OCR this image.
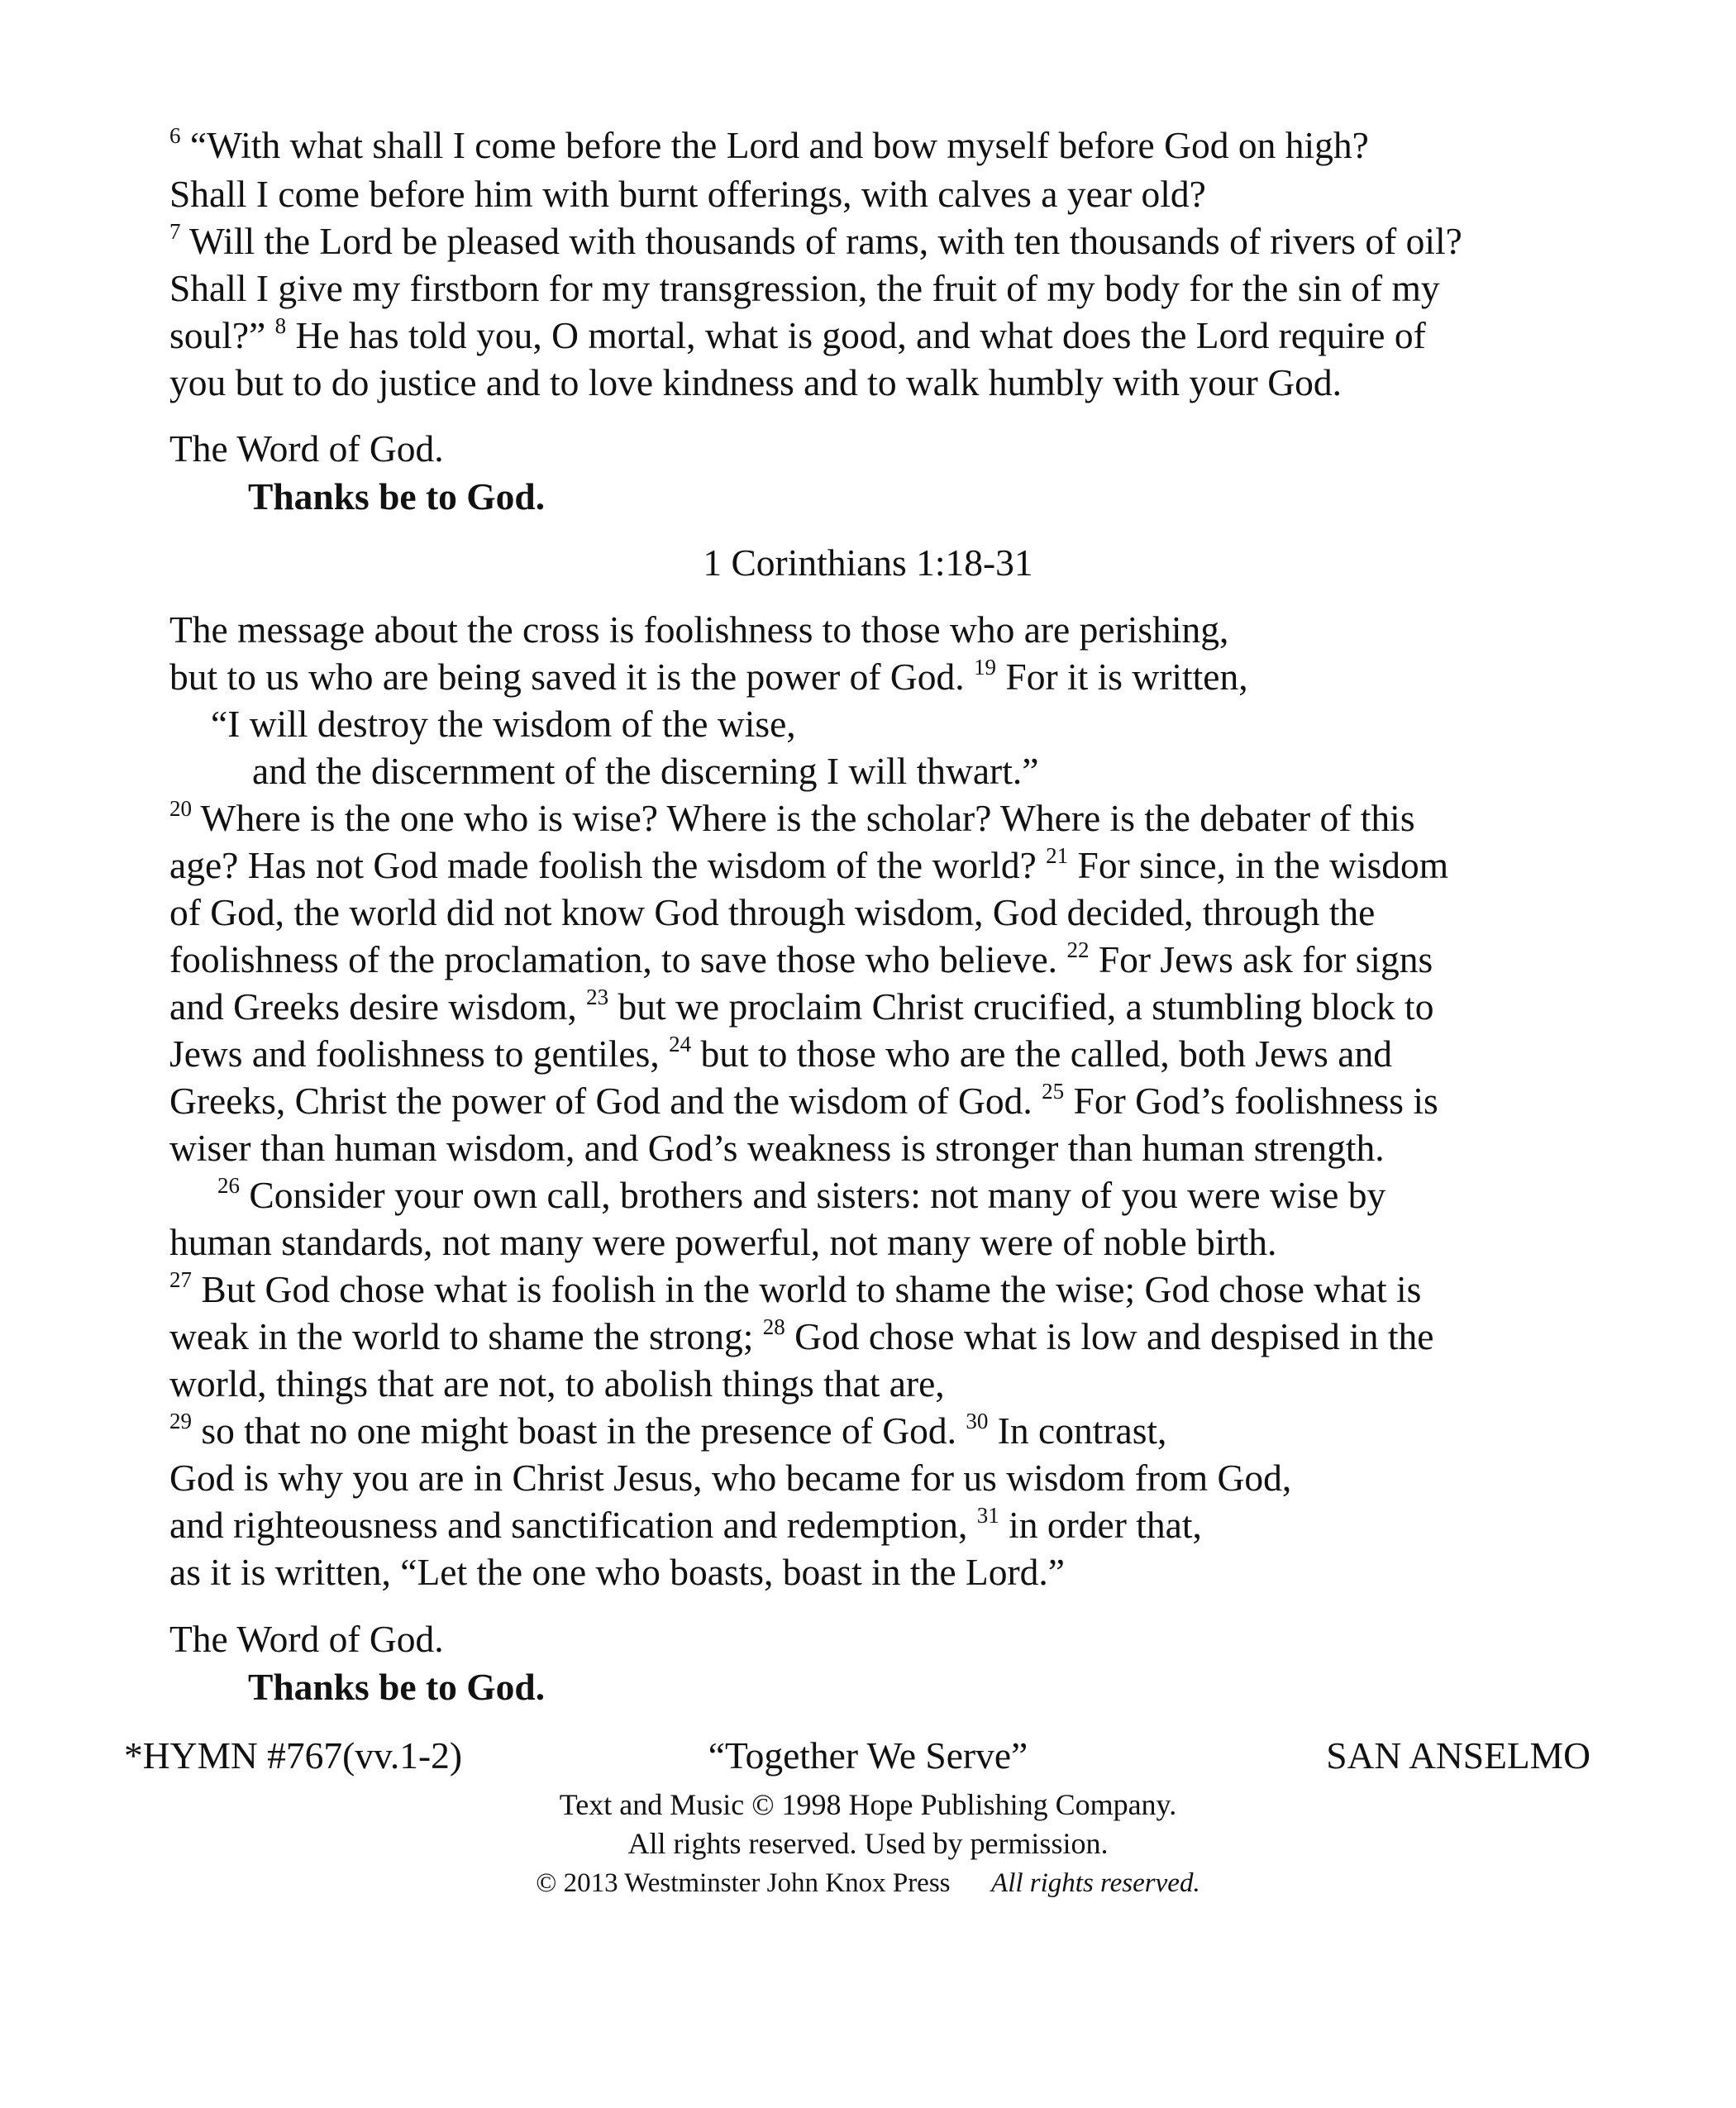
$^6$ “With what shall I come before the Lord and bow myself before God on high?
Shall I come before him with burnt offerings, with calves a year old?
$^7$ Will the Lord be pleased with thousands of rams, with ten thousands of rivers of oil?
Shall I give my firstborn for my transgression, the fruit of my body for the sin of my
soul?” $^8$ He has told you, O mortal, what is good, and what does the Lord require of
you but to do justice and to love kindness and to walk humbly with your God.
The Word of God.
Thanks be to God.
1 Corinthians 1:18-31
The message about the cross is foolishness to those who are perishing,
but to us who are being saved it is the power of God. $^{19}$ For it is written,
“I will destroy the wisdom of the wise,
and the discernment of the discerning I will thwart.”
$^{20}$ Where is the one who is wise? Where is the scholar? Where is the debater of this
age? Has not God made foolish the wisdom of the world? $^{21}$ For since, in the wisdom
of God, the world did not know God through wisdom, God decided, through the
foolishness of the proclamation, to save those who believe. $^{22}$ For Jews ask for signs
and Greeks desire wisdom, $^{23}$ but we proclaim Christ crucified, a stumbling block to
Jews and foolishness to gentiles, $^{24}$ but to those who are the called, both Jews and
Greeks, Christ the power of God and the wisdom of God. $^{25}$ For God’s foolishness is
wiser than human wisdom, and God’s weakness is stronger than human strength.
$^{26}$ Consider your own call, brothers and sisters: not many of you were wise by
human standards, not many were powerful, not many were of noble birth.
$^{27}$ But God chose what is foolish in the world to shame the wise; God chose what is
weak in the world to shame the strong; $^{28}$ God chose what is low and despised in the
world, things that are not, to abolish things that are,
$^{29}$ so that no one might boast in the presence of God. $^{30}$ In contrast,
God is why you are in Christ Jesus, who became for us wisdom from God,
and righteousness and sanctification and redemption, $^{31}$ in order that,
as it is written, “Let the one who boasts, boast in the Lord.”
The Word of God.
Thanks be to God.
*HYMN #767(vv.1-2)	“Together We Serve”	SAN ANSELMO
Text and Music © 1998 Hope Publishing Company.
All rights reserved. Used by permission.
© 2013 Westminster John Knox Press All rights reserved.
